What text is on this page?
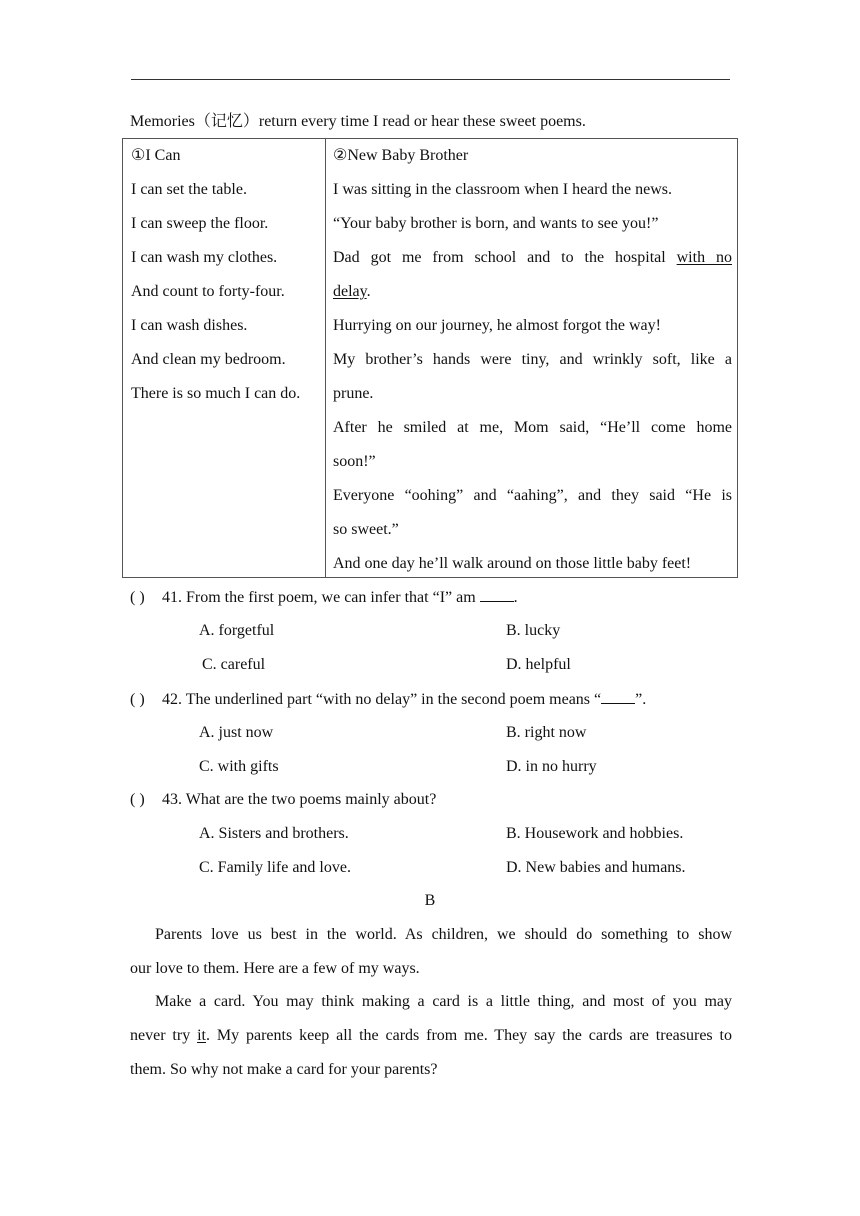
Memories（记忆）return every time I read or hear these sweet poems.
①I Can
I can set the table.
I can sweep the floor.
I can wash my clothes.
And count to forty-four.
I can wash dishes.
And clean my bedroom.
There is so much I can do.
②New Baby Brother
I was sitting in the classroom when I heard the news.
“Your baby brother is born, and wants to see you!”
Dad got me from school and to the hospital with no
delay.
Hurrying on our journey, he almost forgot the way!
My brother’s hands were tiny, and wrinkly soft, like a
prune.
After he smiled at me, Mom said, “He’ll come home
soon!”
Everyone “oohing” and “aahing”, and they said “He is
so sweet.”
And one day he’ll walk around on those little baby feet!
( ) 41. From the first poem, we can infer that “I” am .
A. forgetful	B. lucky
C. careful	D. helpful
( ) 42. The underlined part “with no delay” in the second poem means “ ”.
A. just now	B. right now
C. with gifts	D. in no hurry
( ) 43. What are the two poems mainly about?
A. Sisters and brothers.	B. Housework and hobbies.
C. Family life and love.	D. New babies and humans.
B
Parents love us best in the world. As children, we should do something to show
our love to them. Here are a few of my ways.
Make a card. You may think making a card is a little thing, and most of you may
never try it. My parents keep all the cards from me. They say the cards are treasures to
them. So why not make a card for your parents?
